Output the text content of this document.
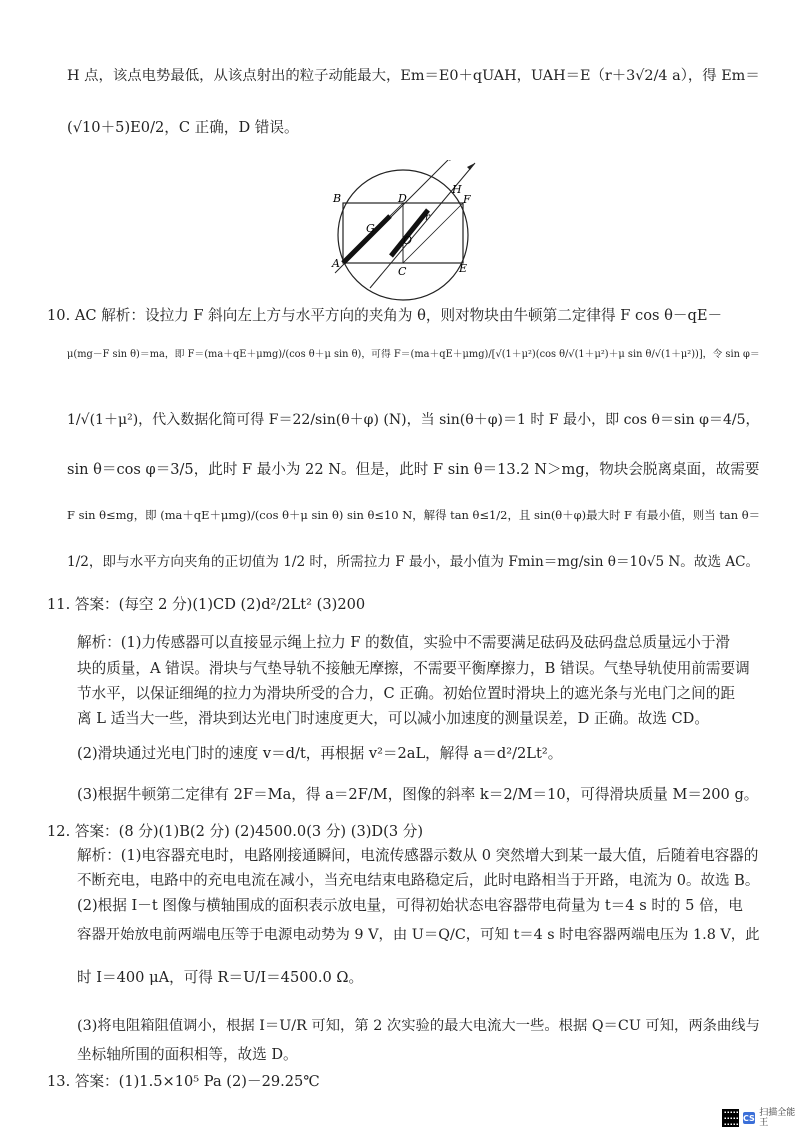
H 点，该点电势最低，从该点射出的粒子动能最大，Em＝E0＋qUAH，UAH＝E（r＋3√2/4 a），得 Em＝
(√10＋5)E0/2，C 正确，D 错误。
10. AC 解析：设拉力 F 斜向左上方与水平方向的夹角为 θ，则对物块由牛顿第二定律得 F cos θ－qE－
μ(mg－F sin θ)＝ma，即 F＝(ma＋qE＋μmg)/(cos θ＋μ sin θ)，可得 F＝(ma＋qE＋μmg)/[√(1＋μ²)(cos θ/√(1＋μ²)＋μ sin θ/√(1＋μ²))]，令 sin φ＝
1/√(1＋μ²)，代入数据化简可得 F＝22/sin(θ＋φ) (N)，当 sin(θ＋φ)＝1 时 F 最小，即 cos θ＝sin φ＝4/5，
sin θ＝cos φ＝3/5，此时 F 最小为 22 N。但是，此时 F sin θ＝13.2 N＞mg，物块会脱离桌面，故需要
F sin θ≤mg，即 (ma＋qE＋μmg)/(cos θ＋μ sin θ) sin θ≤10 N，解得 tan θ≤1/2，且 sin(θ＋φ)最大时 F 有最小值，则当 tan θ＝
1/2，即与水平方向夹角的正切值为 1/2 时，所需拉力 F 最小，最小值为 Fmin＝mg/sin θ＝10√5 N。故选 AC。
11. 答案：(每空 2 分)(1)CD (2)d²/2Lt² (3)200
解析：(1)力传感器可以直接显示绳上拉力 F 的数值，实验中不需要满足砝码及砝码盘总质量远小于滑
块的质量，A 错误。滑块与气垫导轨不接触无摩擦，不需要平衡摩擦力，B 错误。气垫导轨使用前需要调
节水平，以保证细绳的拉力为滑块所受的合力，C 正确。初始位置时滑块上的遮光条与光电门之间的距
离 L 适当大一些，滑块到达光电门时速度更大，可以减小加速度的测量误差，D 正确。故选 CD。
(2)滑块通过光电门时的速度 v＝d/t，再根据 v²＝2aL，解得 a＝d²/2Lt²。
(3)根据牛顿第二定律有 2F＝Ma，得 a＝2F/M，图像的斜率 k＝2/M＝10，可得滑块质量 M＝200 g。
12. 答案：(8 分)(1)B(2 分) (2)4500.0(3 分) (3)D(3 分)
解析：(1)电容器充电时，电路刚接通瞬间，电流传感器示数从 0 突然增大到某一最大值，后随着电容器的
不断充电，电路中的充电电流在减小，当充电结束电路稳定后，此时电路相当于开路，电流为 0。故选 B。
(2)根据 I－t 图像与横轴围成的面积表示放电量，可得初始状态电容器带电荷量为 t＝4 s 时的 5 倍，电
容器开始放电前两端电压等于电源电动势为 9 V，由 U＝Q/C，可知 t＝4 s 时电容器两端电压为 1.8 V，此
时 I＝400 μA，可得 R＝U/I＝4500.0 Ω。
(3)将电阻箱阻值调小，根据 I＝U/R 可知，第 2 次实验的最大电流大一些。根据 Q＝CU 可知，两条曲线与
坐标轴所围的面积相等，故选 D。
13. 答案：(1)1.5×10⁵ Pa (2)－29.25℃
B	D
H
F
G
r
O
A
C	E
CS 扫描全能王
